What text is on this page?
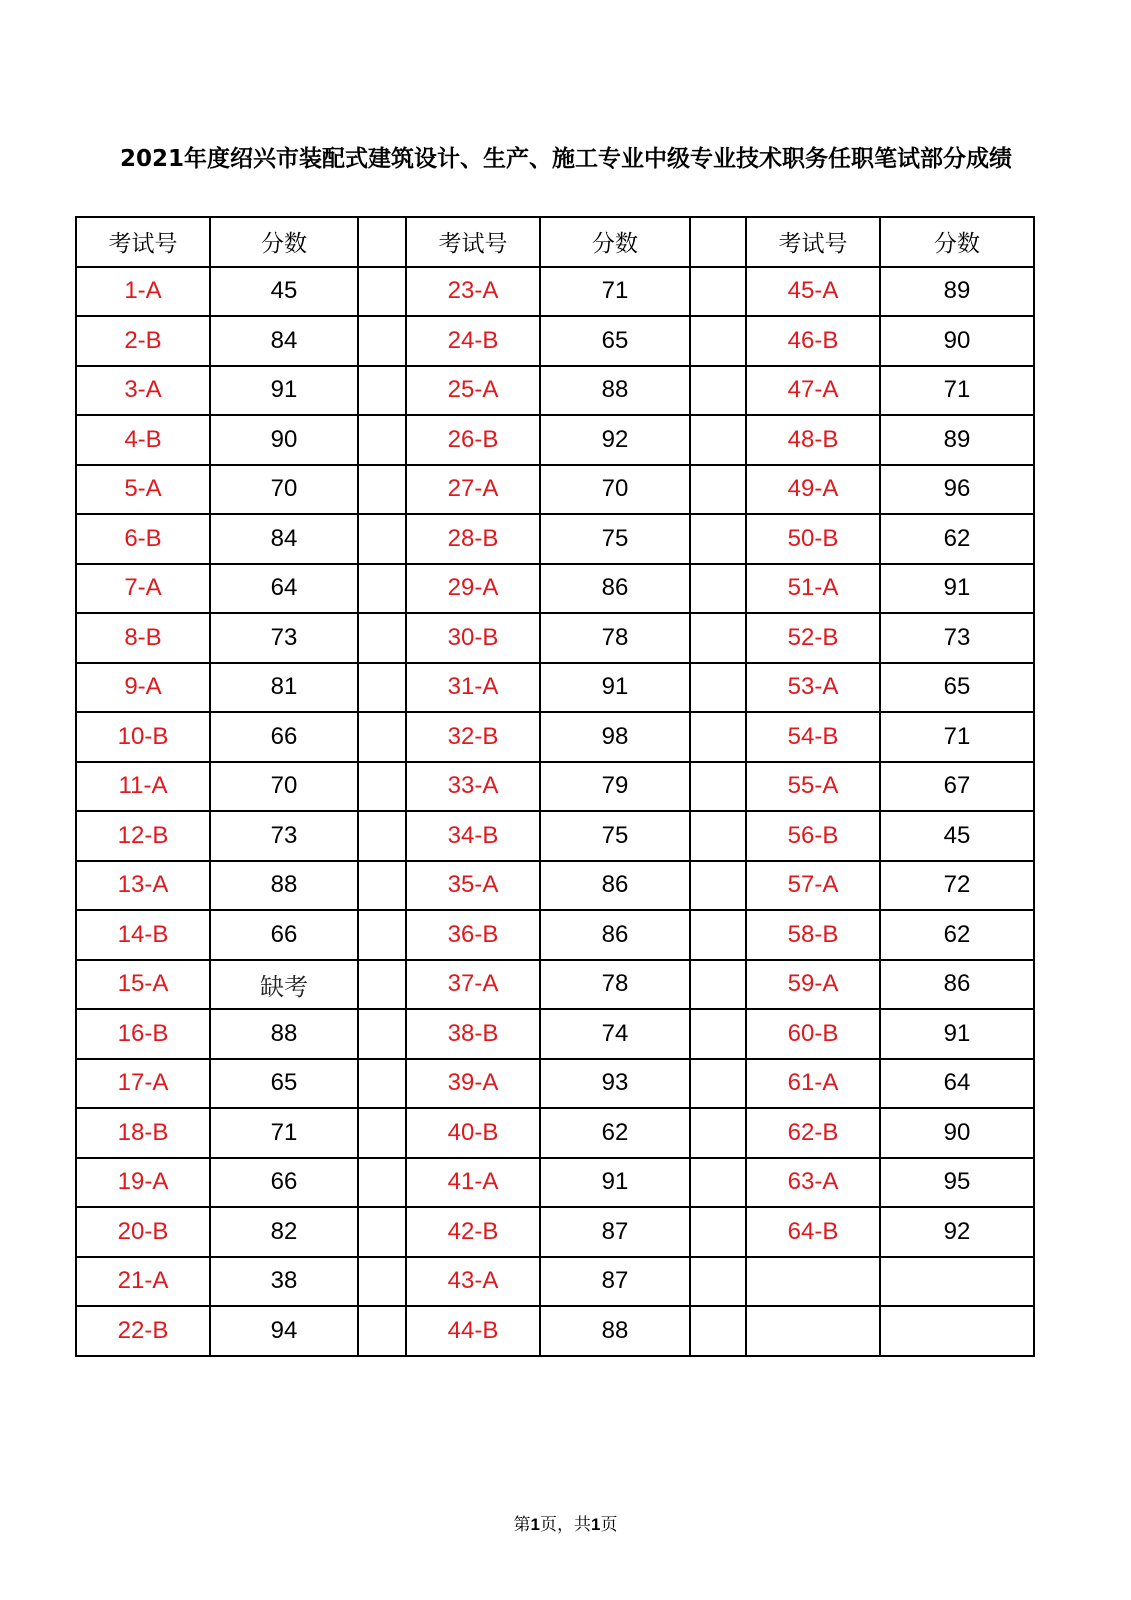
2021年度绍兴市装配式建筑设计、生产、施工专业中级专业技术职务任职笔试部分成绩
考试号	分数		考试号	分数		考试号	分数
1-A	45		23-A	71		45-A	89
2-B	84		24-B	65		46-B	90
3-A	91		25-A	88		47-A	71
4-B	90		26-B	92		48-B	89
5-A	70		27-A	70		49-A	96
6-B	84		28-B	75		50-B	62
7-A	64		29-A	86		51-A	91
8-B	73		30-B	78		52-B	73
9-A	81		31-A	91		53-A	65
10-B	66		32-B	98		54-B	71
11-A	70		33-A	79		55-A	67
12-B	73		34-B	75		56-B	45
13-A	88		35-A	86		57-A	72
14-B	66		36-B	86		58-B	62
15-A	缺考		37-A	78		59-A	86
16-B	88		38-B	74		60-B	91
17-A	65		39-A	93		61-A	64
18-B	71		40-B	62		62-B	90
19-A	66		41-A	91		63-A	95
20-B	82		42-B	87		64-B	92
21-A	38		43-A	87			
22-B	94		44-B	88			
第1页，共1页
